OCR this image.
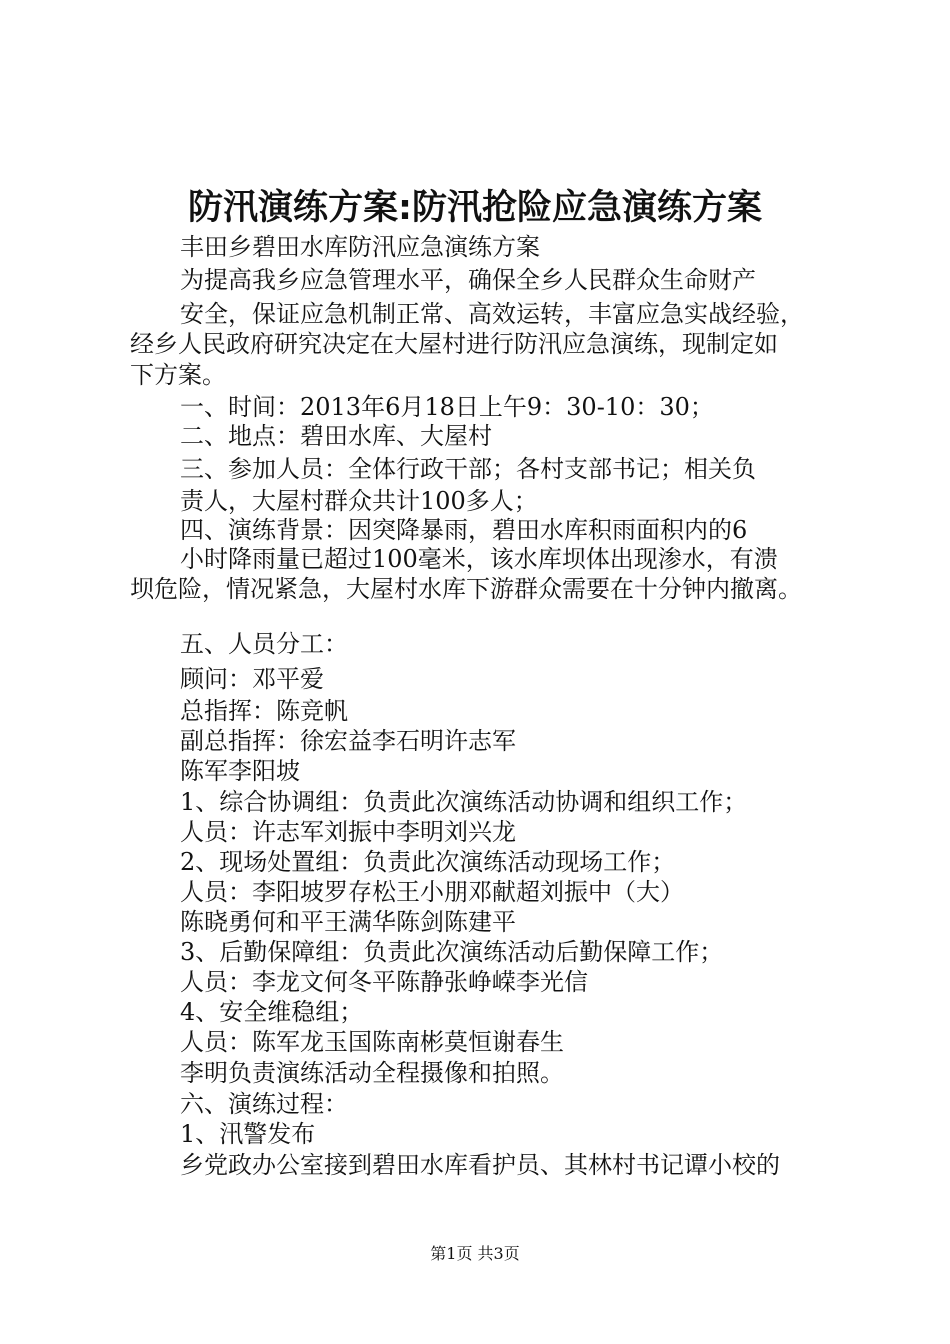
防汛演练方案:防汛抢险应急演练方案
丰田乡碧田水库防汛应急演练方案
为提高我乡应急管理水平，确保全乡人民群众生命财产
安全，保证应急机制正常、高效运转，丰富应急实战经验，
经乡人民政府研究决定在大屋村进行防汛应急演练，现制定如
下方案。
一、时间：2013年6月18日上午9：30-10：30；
二、地点：碧田水库、大屋村
三、参加人员：全体行政干部；各村支部书记；相关负
责人，大屋村群众共计100多人；
四、演练背景：因突降暴雨，碧田水库积雨面积内的6
小时降雨量已超过100毫米，该水库坝体出现渗水，有溃
坝危险，情况紧急，大屋村水库下游群众需要在十分钟内撤离。
五、人员分工：
顾问：邓平爱
总指挥：陈竞帆
副总指挥：徐宏益李石明许志军
陈军李阳坡
1、综合协调组：负责此次演练活动协调和组织工作；
人员：许志军刘振中李明刘兴龙
2、现场处置组：负责此次演练活动现场工作；
人员：李阳坡罗存松王小朋邓献超刘振中（大）
陈晓勇何和平王满华陈剑陈建平
3、后勤保障组：负责此次演练活动后勤保障工作；
人员：李龙文何冬平陈静张峥嵘李光信
4、安全维稳组；
人员：陈军龙玉国陈南彬莫恒谢春生
李明负责演练活动全程摄像和拍照。
六、演练过程：
1、汛警发布
乡党政办公室接到碧田水库看护员、其林村书记谭小校的
第1页 共3页
